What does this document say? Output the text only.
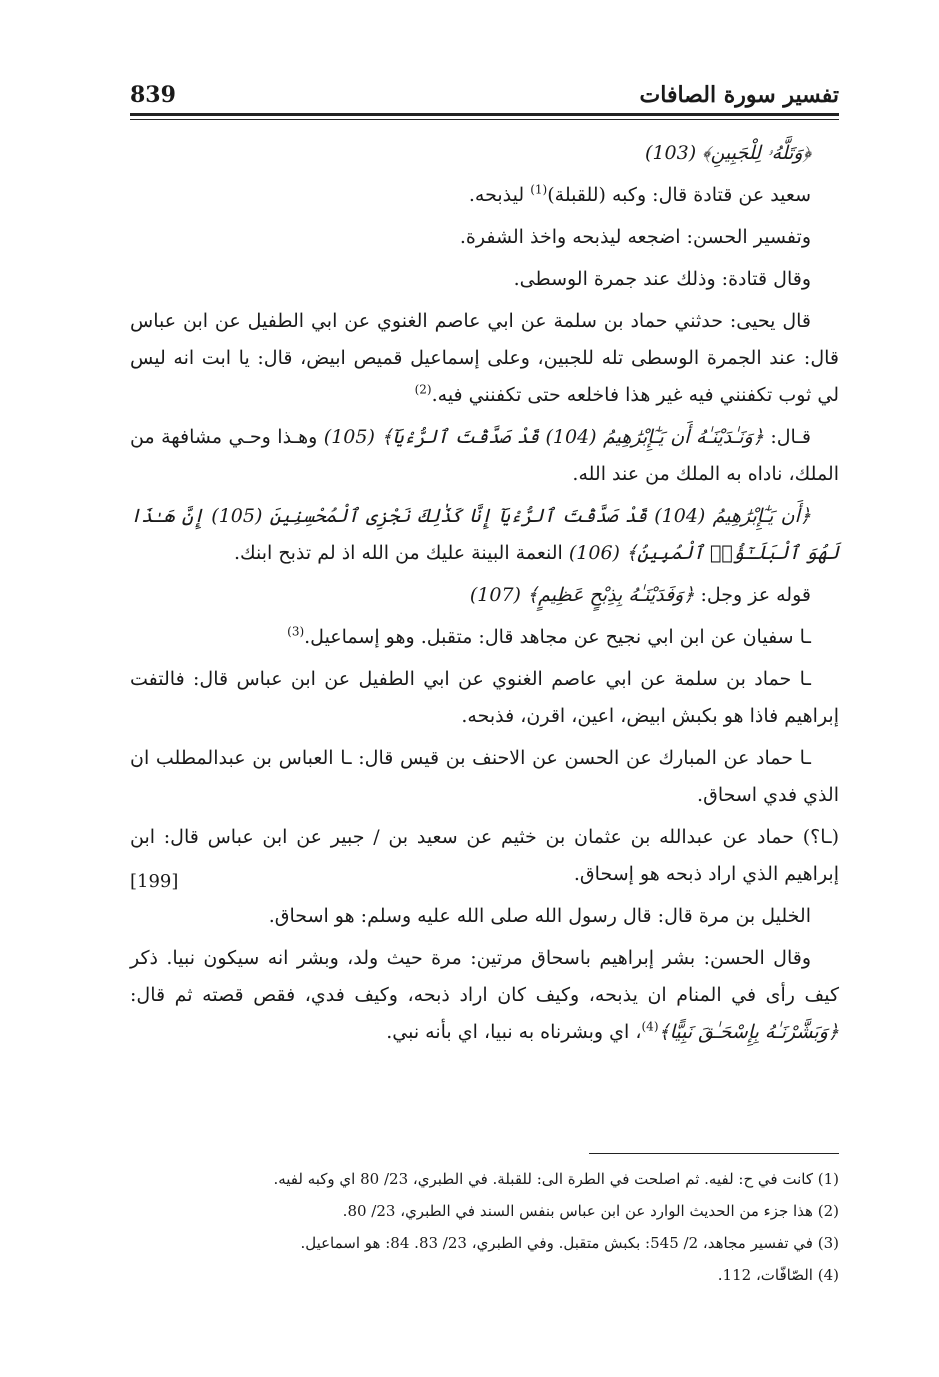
839	تفسير سورة الصافات

﴿وَتَلَّهُۥ لِلْجَبِينِ﴾ (103)

سعيد عن قتادة قال: وكبه (للقبلة)$^{(1)}$ ليذبحه.

وتفسير الحسن: اضجعه ليذبحه واخذ الشفرة.

وقال قتادة: وذلك عند جمرة الوسطى.

قال يحيى: حدثني حماد بن سلمة عن ابي عاصم الغنوي عن ابي الطفيل عن ابن عباس قال: عند الجمرة الوسطى تله للجبين، وعلى إسماعيل قميص ابيض، قال: يا ابت انه ليس لي ثوب تكفنني فيه غير هذا فاخلعه حتى تكفنني فيه.$^{(2)}$

قـال: ﴿وَنَـٰدَيْنَـٰهُ أَن يَـٰٓإِبْرَٰهِيمُ (104) قَدْ صَدَّقْتَ ٱلرُّءْيَآ﴾ (105) وهـذا وحـي مشافهة من الملك، ناداه به الملك من عند الله.

﴿أَن يَـٰٓإِبْرَٰهِيمُ (104) قَدْ صَدَّقْتَ ٱلرُّءْيَآ إِنَّا كَذَٰلِكَ نَجْزِى ٱلْمُحْسِنِينَ (105) إِنَّ هَـٰذَا لَهُوَ ٱلْبَلَـٰٓؤُا۟ ٱلْمُبِينُ﴾ (106) النعمة البينة عليك من الله اذ لم تذبح ابنك.

قوله عز وجل: ﴿وَفَدَيْنَـٰهُ بِذِبْحٍ عَظِيمٍ﴾ (107)

ـا سفيان عن ابن ابي نجيح عن مجاهد قال: متقبل. وهو إسماعيل.$^{(3)}$

ـا حماد بن سلمة عن ابي عاصم الغنوي عن ابي الطفيل عن ابن عباس قال: فالتفت إبراهيم فاذا هو بكبش ابيض، اعين، اقرن، فذبحه.

ـا حماد عن المبارك عن الحسن عن الاحنف بن قيس قال: ـا العباس بن عبدالمطلب ان الذي فدي اسحاق.

(ـا؟) حماد عن عبدالله بن عثمان بن خثيم عن سعيد بن / جبير عن ابن عباس قال: ابن إبراهيم الذي اراد ذبحه هو إسحاق.

الخليل بن مرة قال: قال رسول الله صلى الله عليه وسلم: هو اسحاق.

وقال الحسن: بشر إبراهيم باسحاق مرتين: مرة حيث ولد، وبشر انه سيكون نبيا. ذكر كيف رأى في المنام ان يذبحه، وكيف كان اراد ذبحه، وكيف فدي، فقص قصته ثم قال: ﴿وَبَشَّرْنَـٰهُ بِإِسْحَـٰقَ نَبِيًّا﴾$^{(4)}$، اي وبشرناه به نبيا، اي بأنه نبي.

[199]

(1) كانت في ح: لفيه. ثم اصلحت في الطرة الى: للقبلة. في الطبري، 23/ 80 اي وكبه لفيه.

(2) هذا جزء من الحديث الوارد عن ابن عباس بنفس السند في الطبري، 23/ 80.

(3) في تفسير مجاهد، 2/ 545: بكبش متقبل. وفي الطبري، 23/ 83. 84: هو اسماعيل.

(4) الصّافّات، 112.
